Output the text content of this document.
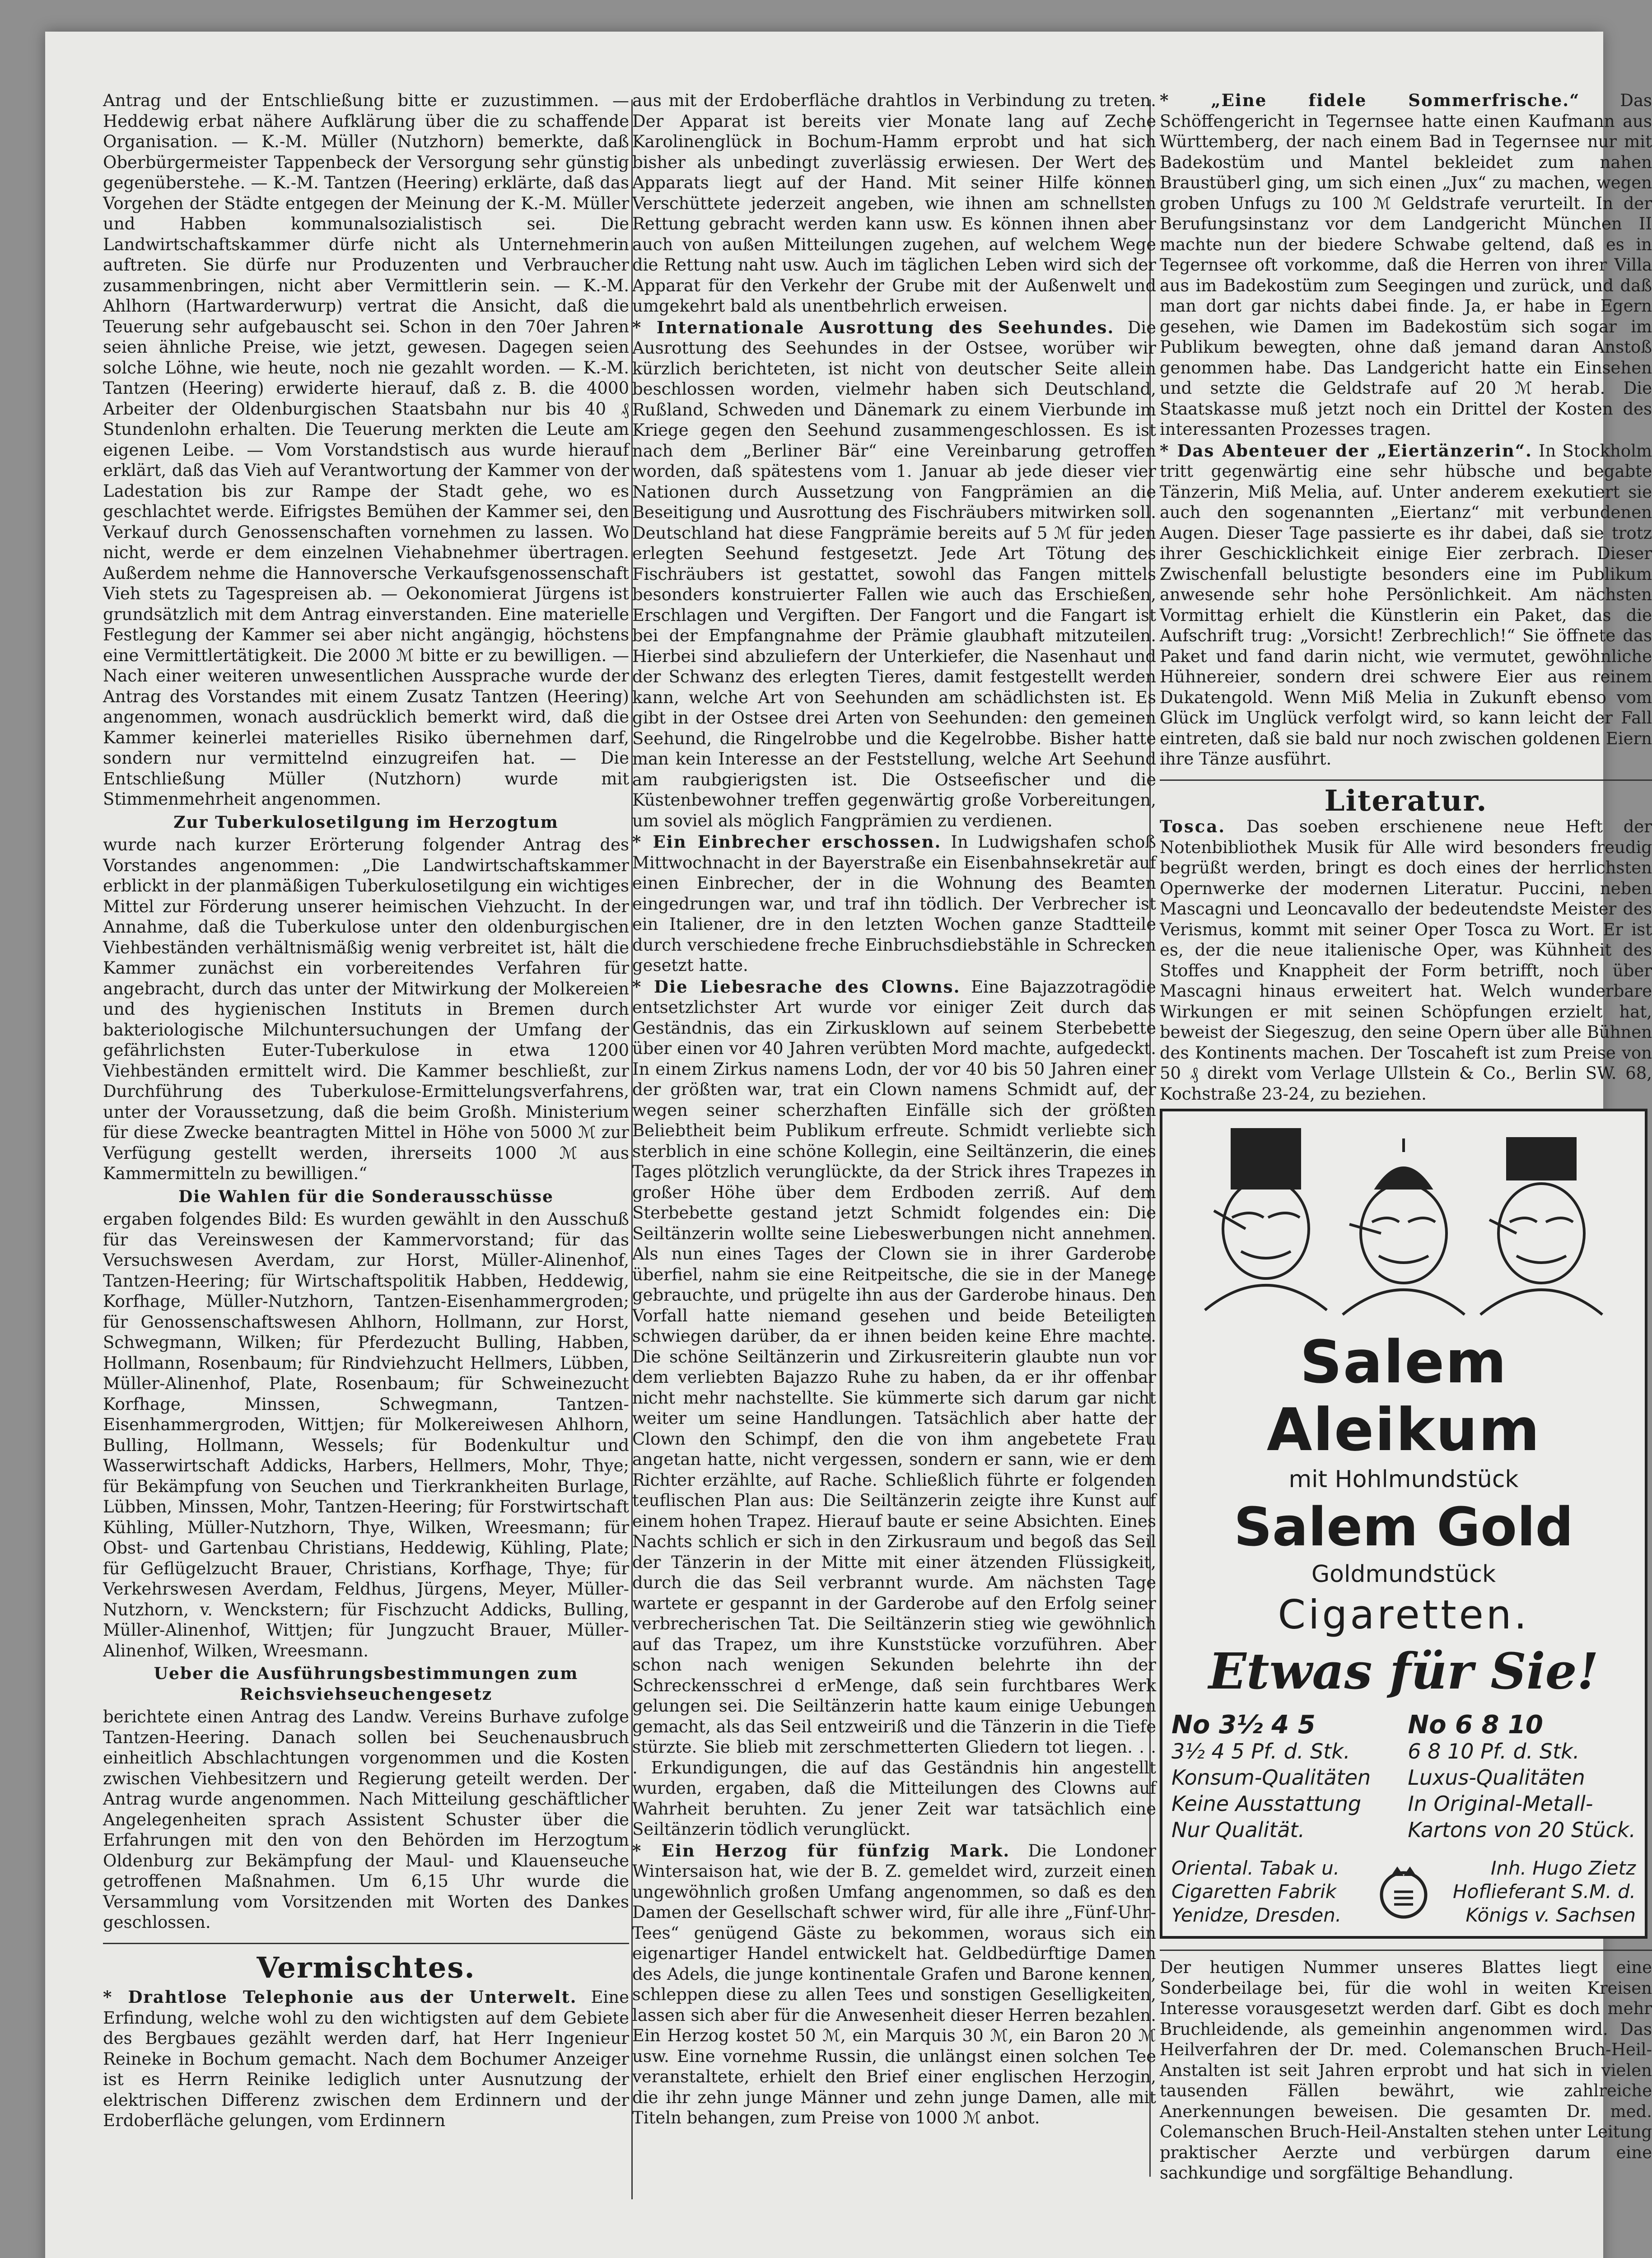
Antrag und der Entschließung bitte er zuzustimmen. — Heddewig erbat nähere Aufklärung über die zu schaffende Organisation. — K.-M. Müller (Nutzhorn) bemerkte, daß Oberbürgermeister Tappenbeck der Versorgung sehr günstig gegenüberstehe. — K.-M. Tantzen (Heering) erklärte, daß das Vorgehen der Städte entgegen der Meinung der K.-M. Müller und Habben kommunalsozialistisch sei. Die Landwirtschaftskammer dürfe nicht als Unternehmerin auftreten. Sie dürfe nur Produzenten und Verbraucher zusammenbringen, nicht aber Vermittlerin sein. — K.-M. Ahlhorn (Hartwarderwurp) vertrat die Ansicht, daß die Teuerung sehr aufgebauscht sei. Schon in den 70er Jahren seien ähnliche Preise, wie jetzt, gewesen. Dagegen seien solche Löhne, wie heute, noch nie gezahlt worden. — K.-M. Tantzen (Heering) erwiderte hierauf, daß z. B. die 4000 Arbeiter der Oldenburgischen Staatsbahn nur bis 40 ₰ Stundenlohn erhalten. Die Teuerung merkten die Leute am eigenen Leibe. — Vom Vorstandstisch aus wurde hierauf erklärt, daß das Vieh auf Verantwortung der Kammer von der Ladestation bis zur Rampe der Stadt gehe, wo es geschlachtet werde. Eifrigstes Bemühen der Kammer sei, den Verkauf durch Genossenschaften vornehmen zu lassen. Wo nicht, werde er dem einzelnen Viehabnehmer übertragen. Außerdem nehme die Hannoversche Verkaufsgenossenschaft Vieh stets zu Tagespreisen ab. — Oekonomierat Jürgens ist grundsätzlich mit dem Antrag einverstanden. Eine materielle Festlegung der Kammer sei aber nicht angängig, höchstens eine Vermittlertätigkeit. Die 2000 ℳ bitte er zu bewilligen. — Nach einer weiteren unwesentlichen Aussprache wurde der Antrag des Vorstandes mit einem Zusatz Tantzen (Heering) angenommen, wonach ausdrücklich bemerkt wird, daß die Kammer keinerlei materielles Risiko übernehmen darf, sondern nur vermittelnd einzugreifen hat. — Die Entschließung Müller (Nutzhorn) wurde mit Stimmenmehrheit angenommen.

Zur Tuberkulosetilgung im Herzogtum

wurde nach kurzer Erörterung folgender Antrag des Vorstandes angenommen: „Die Landwirtschaftskammer erblickt in der planmäßigen Tuberkulosetilgung ein wichtiges Mittel zur Förderung unserer heimischen Viehzucht. In der Annahme, daß die Tuberkulose unter den oldenburgischen Viehbeständen verhältnismäßig wenig verbreitet ist, hält die Kammer zunächst ein vorbereitendes Verfahren für angebracht, durch das unter der Mitwirkung der Molkereien und des hygienischen Instituts in Bremen durch bakteriologische Milchuntersuchungen der Umfang der gefährlichsten Euter-Tuberkulose in etwa 1200 Viehbeständen ermittelt wird. Die Kammer beschließt, zur Durchführung des Tuberkulose-Ermittelungsverfahrens, unter der Voraussetzung, daß die beim Großh. Ministerium für diese Zwecke beantragten Mittel in Höhe von 5000 ℳ zur Verfügung gestellt werden, ihrerseits 1000 ℳ aus Kammermitteln zu bewilligen.“

Die Wahlen für die Sonderausschüsse

ergaben folgendes Bild: Es wurden gewählt in den Ausschuß für das Vereinswesen der Kammervorstand; für das Versuchswesen Averdam, zur Horst, Müller-Alinenhof, Tantzen-Heering; für Wirtschaftspolitik Habben, Heddewig, Korfhage, Müller-Nutzhorn, Tantzen-Eisenhammergroden; für Genossenschaftswesen Ahlhorn, Hollmann, zur Horst, Schwegmann, Wilken; für Pferdezucht Bulling, Habben, Hollmann, Rosenbaum; für Rindviehzucht Hellmers, Lübben, Müller-Alinenhof, Plate, Rosenbaum; für Schweinezucht Korfhage, Minssen, Schwegmann, Tantzen-Eisenhammergroden, Wittjen; für Molkereiwesen Ahlhorn, Bulling, Hollmann, Wessels; für Bodenkultur und Wasserwirtschaft Addicks, Harbers, Hellmers, Mohr, Thye; für Bekämpfung von Seuchen und Tierkrankheiten Burlage, Lübben, Minssen, Mohr, Tantzen-Heering; für Forstwirtschaft Kühling, Müller-Nutzhorn, Thye, Wilken, Wreesmann; für Obst- und Gartenbau Christians, Heddewig, Kühling, Plate; für Geflügelzucht Brauer, Christians, Korfhage, Thye; für Verkehrswesen Averdam, Feldhus, Jürgens, Meyer, Müller-Nutzhorn, v. Wenckstern; für Fischzucht Addicks, Bulling, Müller-Alinenhof, Wittjen; für Jungzucht Brauer, Müller-Alinenhof, Wilken, Wreesmann.

Ueber die Ausführungsbestimmungen zum Reichsviehseuchengesetz

berichtete einen Antrag des Landw. Vereins Burhave zufolge Tantzen-Heering. Danach sollen bei Seuchenausbruch einheitlich Abschlachtungen vorgenommen und die Kosten zwischen Viehbesitzern und Regierung geteilt werden. Der Antrag wurde angenommen. Nach Mitteilung geschäftlicher Angelegenheiten sprach Assistent Schuster über die Erfahrungen mit den von den Behörden im Herzogtum Oldenburg zur Bekämpfung der Maul- und Klauenseuche getroffenen Maßnahmen. Um 6,15 Uhr wurde die Versammlung vom Vorsitzenden mit Worten des Dankes geschlossen.

Vermischtes.

* Drahtlose Telephonie aus der Unterwelt. Eine Erfindung, welche wohl zu den wichtigsten auf dem Gebiete des Bergbaues gezählt werden darf, hat Herr Ingenieur Reineke in Bochum gemacht. Nach dem Bochumer Anzeiger ist es Herrn Reinike lediglich unter Ausnutzung der elektrischen Differenz zwischen dem Erdinnern und der Erdoberfläche gelungen, vom Erdinnern

aus mit der Erdoberfläche drahtlos in Verbindung zu treten. Der Apparat ist bereits vier Monate lang auf Zeche Karolinenglück in Bochum-Hamm erprobt und hat sich bisher als unbedingt zuverlässig erwiesen. Der Wert des Apparats liegt auf der Hand. Mit seiner Hilfe können Verschüttete jederzeit angeben, wie ihnen am schnellsten Rettung gebracht werden kann usw. Es können ihnen aber auch von außen Mitteilungen zugehen, auf welchem Wege die Rettung naht usw. Auch im täglichen Leben wird sich der Apparat für den Verkehr der Grube mit der Außenwelt und umgekehrt bald als unentbehrlich erweisen.

* Internationale Ausrottung des Seehundes. Die Ausrottung des Seehundes in der Ostsee, worüber wir kürzlich berichteten, ist nicht von deutscher Seite allein beschlossen worden, vielmehr haben sich Deutschland, Rußland, Schweden und Dänemark zu einem Vierbunde im Kriege gegen den Seehund zusammengeschlossen. Es ist nach dem „Berliner Bär“ eine Vereinbarung getroffen worden, daß spätestens vom 1. Januar ab jede dieser vier Nationen durch Aussetzung von Fangprämien an die Beseitigung und Ausrottung des Fischräubers mitwirken soll. Deutschland hat diese Fangprämie bereits auf 5 ℳ für jeden erlegten Seehund festgesetzt. Jede Art Tötung des Fischräubers ist gestattet, sowohl das Fangen mittels besonders konstruierter Fallen wie auch das Erschießen, Erschlagen und Vergiften. Der Fangort und die Fangart ist bei der Empfangnahme der Prämie glaubhaft mitzuteilen. Hierbei sind abzuliefern der Unterkiefer, die Nasenhaut und der Schwanz des erlegten Tieres, damit festgestellt werden kann, welche Art von Seehunden am schädlichsten ist. Es gibt in der Ostsee drei Arten von Seehunden: den gemeinen Seehund, die Ringelrobbe und die Kegelrobbe. Bisher hatte man kein Interesse an der Feststellung, welche Art Seehund am raubgierigsten ist. Die Ostseefischer und die Küstenbewohner treffen gegenwärtig große Vorbereitungen, um soviel als möglich Fangprämien zu verdienen.

* Ein Einbrecher erschossen. In Ludwigshafen schoß Mittwochnacht in der Bayerstraße ein Eisenbahnsekretär auf einen Einbrecher, der in die Wohnung des Beamten eingedrungen war, und traf ihn tödlich. Der Verbrecher ist ein Italiener, dre in den letzten Wochen ganze Stadtteile durch verschiedene freche Einbruchsdiebstähle in Schrecken gesetzt hatte.

* Die Liebesrache des Clowns. Eine Bajazzotragödie entsetzlichster Art wurde vor einiger Zeit durch das Geständnis, das ein Zirkusklown auf seinem Sterbebette über einen vor 40 Jahren verübten Mord machte, aufgedeckt. In einem Zirkus namens Lodn, der vor 40 bis 50 Jahren einer der größten war, trat ein Clown namens Schmidt auf, der wegen seiner scherzhaften Einfälle sich der größten Beliebtheit beim Publikum erfreute. Schmidt verliebte sich sterblich in eine schöne Kollegin, eine Seiltänzerin, die eines Tages plötzlich verunglückte, da der Strick ihres Trapezes in großer Höhe über dem Erdboden zerriß. Auf dem Sterbebette gestand jetzt Schmidt folgendes ein: Die Seiltänzerin wollte seine Liebeswerbungen nicht annehmen. Als nun eines Tages der Clown sie in ihrer Garderobe überfiel, nahm sie eine Reitpeitsche, die sie in der Manege gebrauchte, und prügelte ihn aus der Garderobe hinaus. Den Vorfall hatte niemand gesehen und beide Beteiligten schwiegen darüber, da er ihnen beiden keine Ehre machte. Die schöne Seiltänzerin und Zirkusreiterin glaubte nun vor dem verliebten Bajazzo Ruhe zu haben, da er ihr offenbar nicht mehr nachstellte. Sie kümmerte sich darum gar nicht weiter um seine Handlungen. Tatsächlich aber hatte der Clown den Schimpf, den die von ihm angebetete Frau angetan hatte, nicht vergessen, sondern er sann, wie er dem Richter erzählte, auf Rache. Schließlich führte er folgenden teuflischen Plan aus: Die Seiltänzerin zeigte ihre Kunst auf einem hohen Trapez. Hierauf baute er seine Absichten. Eines Nachts schlich er sich in den Zirkusraum und begoß das Seil der Tänzerin in der Mitte mit einer ätzenden Flüssigkeit, durch die das Seil verbrannt wurde. Am nächsten Tage wartete er gespannt in der Garderobe auf den Erfolg seiner verbrecherischen Tat. Die Seiltänzerin stieg wie gewöhnlich auf das Trapez, um ihre Kunststücke vorzuführen. Aber schon nach wenigen Sekunden belehrte ihn der Schreckensschrei d erMenge, daß sein furchtbares Werk gelungen sei. Die Seiltänzerin hatte kaum einige Uebungen gemacht, als das Seil entzweiriß und die Tänzerin in die Tiefe stürzte. Sie blieb mit zerschmetterten Gliedern tot liegen. . . . Erkundigungen, die auf das Geständnis hin angestellt wurden, ergaben, daß die Mitteilungen des Clowns auf Wahrheit beruhten. Zu jener Zeit war tatsächlich eine Seiltänzerin tödlich verunglückt.

* Ein Herzog für fünfzig Mark. Die Londoner Wintersaison hat, wie der B. Z. gemeldet wird, zurzeit einen ungewöhnlich großen Umfang angenommen, so daß es den Damen der Gesellschaft schwer wird, für alle ihre „Fünf-Uhr-Tees“ genügend Gäste zu bekommen, woraus sich ein eigenartiger Handel entwickelt hat. Geldbedürftige Damen des Adels, die junge kontinentale Grafen und Barone kennen, schleppen diese zu allen Tees und sonstigen Geselligkeiten, lassen sich aber für die Anwesenheit dieser Herren bezahlen. Ein Herzog kostet 50 ℳ, ein Marquis 30 ℳ, ein Baron 20 ℳ usw. Eine vornehme Russin, die unlängst einen solchen Tee veranstaltete, erhielt den Brief einer englischen Herzogin, die ihr zehn junge Männer und zehn junge Damen, alle mit Titeln behangen, zum Preise von 1000 ℳ anbot.

* „Eine fidele Sommerfrische.“ Das Schöffengericht in Tegernsee hatte einen Kaufmann aus Württemberg, der nach einem Bad in Tegernsee nur mit Badekostüm und Mantel bekleidet zum nahen Braustüberl ging, um sich einen „Jux“ zu machen, wegen groben Unfugs zu 100 ℳ Geldstrafe verurteilt. In der Berufungsinstanz vor dem Landgericht München II machte nun der biedere Schwabe geltend, daß es in Tegernsee oft vorkomme, daß die Herren von ihrer Villa aus im Badekostüm zum Seegingen und zurück, und daß man dort gar nichts dabei finde. Ja, er habe in Egern gesehen, wie Damen im Badekostüm sich sogar im Publikum bewegten, ohne daß jemand daran Anstoß genommen habe. Das Landgericht hatte ein Einsehen und setzte die Geldstrafe auf 20 ℳ herab. Die Staatskasse muß jetzt noch ein Drittel der Kosten des interessanten Prozesses tragen.

* Das Abenteuer der „Eiertänzerin“. In Stockholm tritt gegenwärtig eine sehr hübsche und begabte Tänzerin, Miß Melia, auf. Unter anderem exekutiert sie auch den sogenannten „Eiertanz“ mit verbundenen Augen. Dieser Tage passierte es ihr dabei, daß sie trotz ihrer Geschicklichkeit einige Eier zerbrach. Dieser Zwischenfall belustigte besonders eine im Publikum anwesende sehr hohe Persönlichkeit. Am nächsten Vormittag erhielt die Künstlerin ein Paket, das die Aufschrift trug: „Vorsicht! Zerbrechlich!“ Sie öffnete das Paket und fand darin nicht, wie vermutet, gewöhnliche Hühnereier, sondern drei schwere Eier aus reinem Dukatengold. Wenn Miß Melia in Zukunft ebenso vom Glück im Unglück verfolgt wird, so kann leicht der Fall eintreten, daß sie bald nur noch zwischen goldenen Eiern ihre Tänze ausführt.

Literatur.

Tosca. Das soeben erschienene neue Heft der Notenbibliothek Musik für Alle wird besonders freudig begrüßt werden, bringt es doch eines der herrlichsten Opernwerke der modernen Literatur. Puccini, neben Mascagni und Leoncavallo der bedeutendste Meister des Verismus, kommt mit seiner Oper Tosca zu Wort. Er ist es, der die neue italienische Oper, was Kühnheit des Stoffes und Knappheit der Form betrifft, noch über Mascagni hinaus erweitert hat. Welch wunderbare Wirkungen er mit seinen Schöpfungen erzielt hat, beweist der Siegeszug, den seine Opern über alle Bühnen des Kontinents machen. Der Toscaheft ist zum Preise von 50 ₰ direkt vom Verlage Ullstein & Co., Berlin SW. 68, Kochstraße 23-24, zu beziehen.

Salem Aleikum
mit Hohlmundstück
Salem Gold
Goldmundstück
Cigaretten.
Etwas für Sie!
No 3½ 4 5
3½ 4 5 Pf. d. Stk.
Konsum-Qualitäten
Keine Ausstattung
Nur Qualität.
No 6 8 10
6 8 10 Pf. d. Stk.
Luxus-Qualitäten
In Original-Metall-
Kartons von 20 Stück.
Oriental. Tabak u. Cigaretten Fabrik Yenidze, Dresden.
Inh. Hugo Zietz Hoflieferant S.M. d. Königs v. Sachsen

Der heutigen Nummer unseres Blattes liegt eine Sonderbeilage bei, für die wohl in weiten Kreisen Interesse vorausgesetzt werden darf. Gibt es doch mehr Bruchleidende, als gemeinhin angenommen wird. Das Heilverfahren der Dr. med. Colemanschen Bruch-Heil-Anstalten ist seit Jahren erprobt und hat sich in vielen tausenden Fällen bewährt, wie zahlreiche Anerkennungen beweisen. Die gesamten Dr. med. Colemanschen Bruch-Heil-Anstalten stehen unter Leitung praktischer Aerzte und verbürgen darum eine sachkundige und sorgfältige Behandlung.
